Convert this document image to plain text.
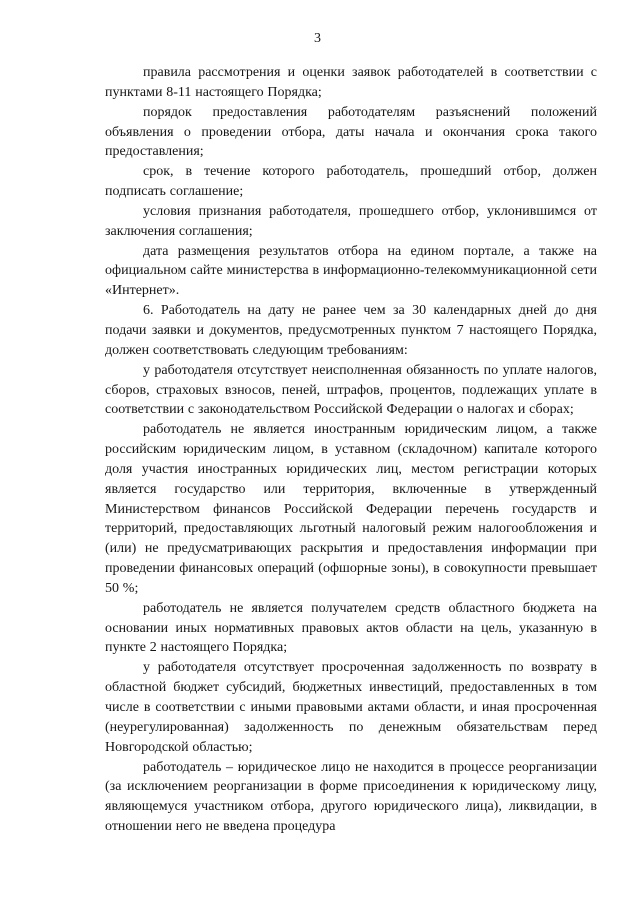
3

правила рассмотрения и оценки заявок работодателей в соответствии с пунктами 8-11 настоящего Порядка;

порядок предоставления работодателям разъяснений положений объявления о проведении отбора, даты начала и окончания срока такого предоставления;

срок, в течение которого работодатель, прошедший отбор, должен подписать соглашение;

условия признания работодателя, прошедшего отбор, уклонившимся от заключения соглашения;

дата размещения результатов отбора на едином портале, а также на официальном сайте министерства в информационно-телекоммуникационной сети «Интернет».

6. Работодатель на дату не ранее чем за 30 календарных дней до дня подачи заявки и документов, предусмотренных пунктом 7 настоящего Порядка, должен соответствовать следующим требованиям:

у работодателя отсутствует неисполненная обязанность по уплате налогов, сборов, страховых взносов, пеней, штрафов, процентов, подлежащих уплате в соответствии с законодательством Российской Федерации о налогах и сборах;

работодатель не является иностранным юридическим лицом, а также российским юридическим лицом, в уставном (складочном) капитале которого доля участия иностранных юридических лиц, местом регистрации которых является государство или территория, включенные в утвержденный Министерством финансов Российской Федерации перечень государств и территорий, предоставляющих льготный налоговый режим налогообложения и (или) не предусматривающих раскрытия и предоставления информации при проведении финансовых операций (офшорные зоны), в совокупности превышает 50 %;

работодатель не является получателем средств областного бюджета на основании иных нормативных правовых актов области на цель, указанную в пункте 2 настоящего Порядка;

у работодателя отсутствует просроченная задолженность по возврату в областной бюджет субсидий, бюджетных инвестиций, предоставленных в том числе в соответствии с иными правовыми актами области, и иная просроченная (неурегулированная) задолженность по денежным обязательствам перед Новгородской областью;

работодатель – юридическое лицо не находится в процессе реорганизации (за исключением реорганизации в форме присоединения к юридическому лицу, являющемуся участником отбора, другого юридического лица), ликвидации, в отношении него не введена процедура
